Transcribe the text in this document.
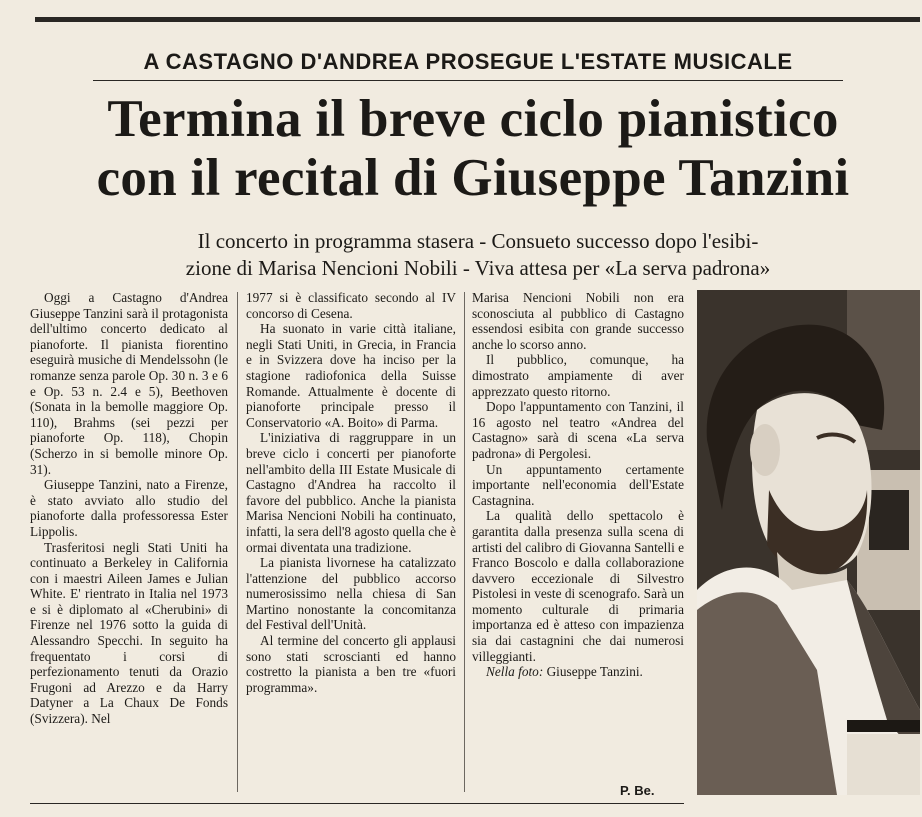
A CASTAGNO D'ANDREA PROSEGUE L'ESTATE MUSICALE
Termina il breve ciclo pianistico
con il recital di Giuseppe Tanzini
Il concerto in programma stasera - Consueto successo dopo l'esibi-
zione di Marisa Nencioni Nobili - Viva attesa per «La serva padrona»

Oggi a Castagno d'Andrea Giuseppe Tanzini sarà il protagonista dell'ultimo concerto dedicato al pianoforte. Il pianista fiorentino eseguirà musiche di Mendelssohn (le romanze senza parole Op. 30 n. 3 e 6 e Op. 53 n. 2.4 e 5), Beethoven (Sonata in la bemolle maggiore Op. 110), Brahms (sei pezzi per pianoforte Op. 118), Chopin (Scherzo in si bemolle minore Op. 31).

Giuseppe Tanzini, nato a Firenze, è stato avviato allo studio del pianoforte dalla professoressa Ester Lippolis.

Trasferitosi negli Stati Uniti ha continuato a Berkeley in California con i maestri Aileen James e Julian White. E' rientrato in Italia nel 1973 e si è diplomato al «Cherubini» di Firenze nel 1976 sotto la guida di Alessandro Specchi. In seguito ha frequentato i corsi di perfezionamento tenuti da Orazio Frugoni ad Arezzo e da Harry Datyner a La Chaux De Fonds (Svizzera). Nel

1977 si è classificato secondo al IV concorso di Cesena.

Ha suonato in varie città italiane, negli Stati Uniti, in Grecia, in Francia e in Svizzera dove ha inciso per la stagione radiofonica della Suisse Romande. Attualmente è docente di pianoforte principale presso il Conservatorio «A. Boito» di Parma.

L'iniziativa di raggruppare in un breve ciclo i concerti per pianoforte nell'ambito della III Estate Musicale di Castagno d'Andrea ha raccolto il favore del pubblico. Anche la pianista Marisa Nencioni Nobili ha continuato, infatti, la sera dell'8 agosto quella che è ormai diventata una tradizione.

La pianista livornese ha catalizzato l'attenzione del pubblico accorso numerosissimo nella chiesa di San Martino nonostante la concomitanza del Festival dell'Unità.

Al termine del concerto gli applausi sono stati scroscianti ed hanno costretto la pianista a ben tre «fuori programma».

Marisa Nencioni Nobili non era sconosciuta al pubblico di Castagno essendosi esibita con grande successo anche lo scorso anno.

Il pubblico, comunque, ha dimostrato ampiamente di aver apprezzato questo ritorno.

Dopo l'appuntamento con Tanzini, il 16 agosto nel teatro «Andrea del Castagno» sarà di scena «La serva padrona» di Pergolesi.

Un appuntamento certamente importante nell'economia dell'Estate Castagnina.

La qualità dello spettacolo è garantita dalla presenza sulla scena di artisti del calibro di Giovanna Santelli e Franco Boscolo e dalla collaborazione davvero eccezionale di Silvestro Pistolesi in veste di scenografo. Sarà un momento culturale di primaria importanza ed è atteso con impazienza sia dai castagnini che dai numerosi villeggianti.

Nella foto: Giuseppe Tanzini.

P. Be.
